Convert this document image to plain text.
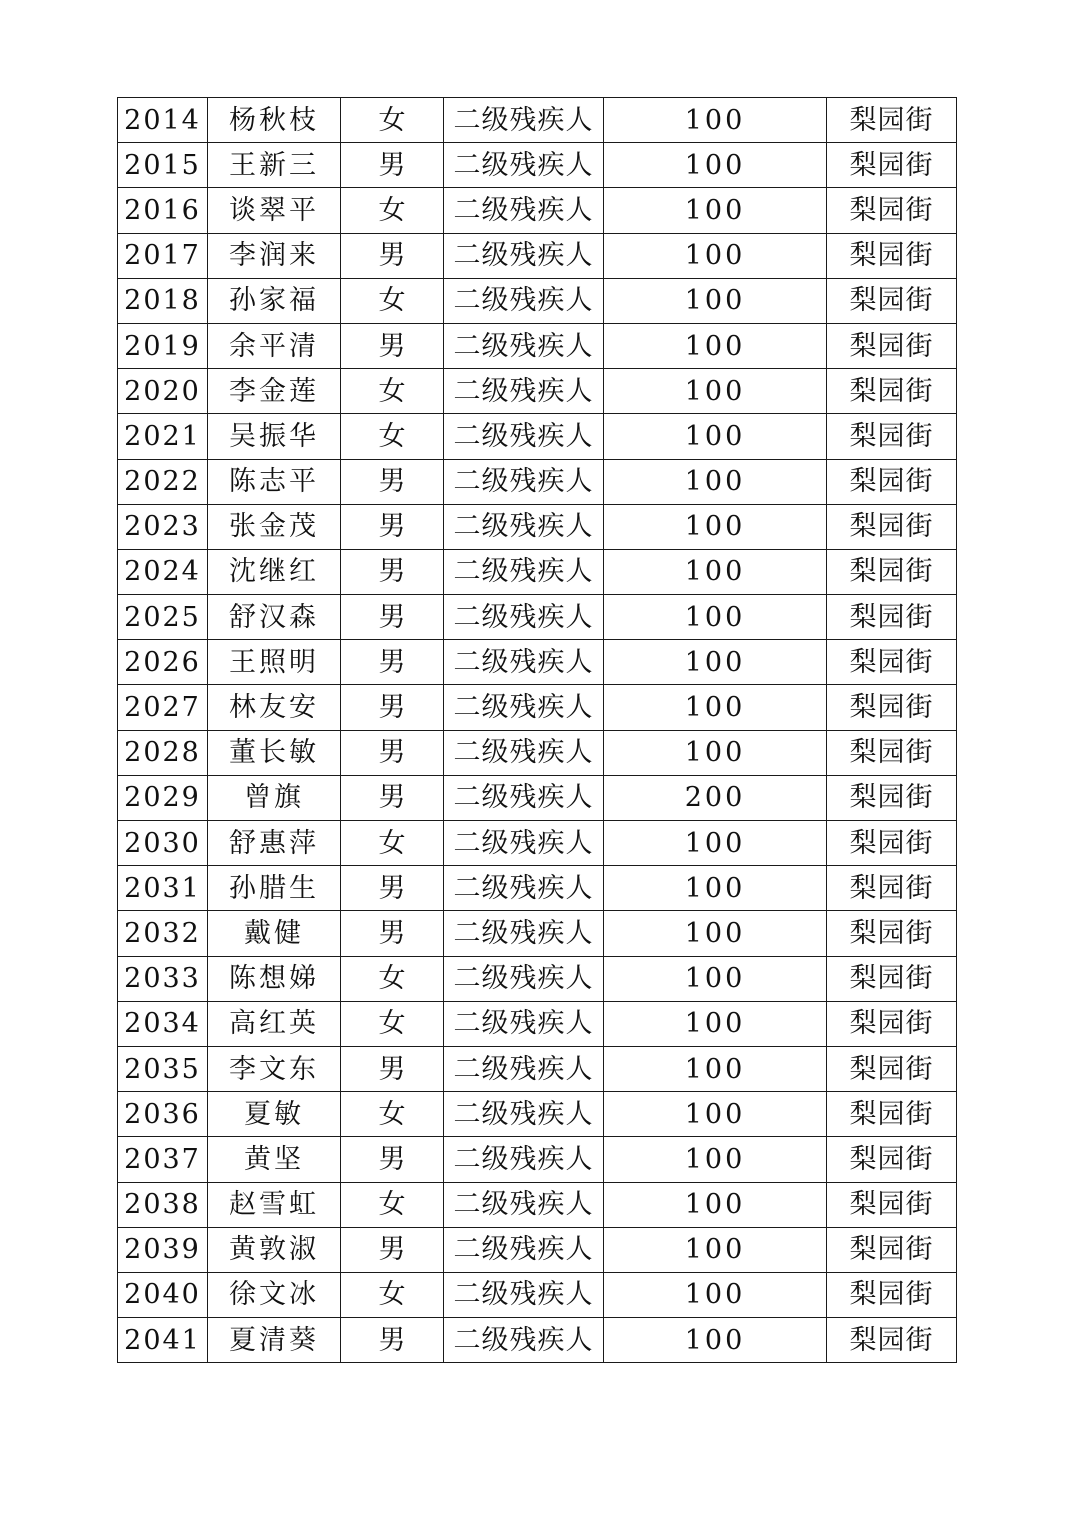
2014	杨秋枝	女	二级残疾人	100	梨园街
2015	王新三	男	二级残疾人	100	梨园街
2016	谈翠平	女	二级残疾人	100	梨园街
2017	李润来	男	二级残疾人	100	梨园街
2018	孙家福	女	二级残疾人	100	梨园街
2019	余平清	男	二级残疾人	100	梨园街
2020	李金莲	女	二级残疾人	100	梨园街
2021	吴振华	女	二级残疾人	100	梨园街
2022	陈志平	男	二级残疾人	100	梨园街
2023	张金茂	男	二级残疾人	100	梨园街
2024	沈继红	男	二级残疾人	100	梨园街
2025	舒汉森	男	二级残疾人	100	梨园街
2026	王照明	男	二级残疾人	100	梨园街
2027	林友安	男	二级残疾人	100	梨园街
2028	董长敏	男	二级残疾人	100	梨园街
2029	曾旗	男	二级残疾人	200	梨园街
2030	舒惠萍	女	二级残疾人	100	梨园街
2031	孙腊生	男	二级残疾人	100	梨园街
2032	戴健	男	二级残疾人	100	梨园街
2033	陈想娣	女	二级残疾人	100	梨园街
2034	高红英	女	二级残疾人	100	梨园街
2035	李文东	男	二级残疾人	100	梨园街
2036	夏敏	女	二级残疾人	100	梨园街
2037	黄坚	男	二级残疾人	100	梨园街
2038	赵雪虹	女	二级残疾人	100	梨园街
2039	黄敦淑	男	二级残疾人	100	梨园街
2040	徐文冰	女	二级残疾人	100	梨园街
2041	夏清葵	男	二级残疾人	100	梨园街
